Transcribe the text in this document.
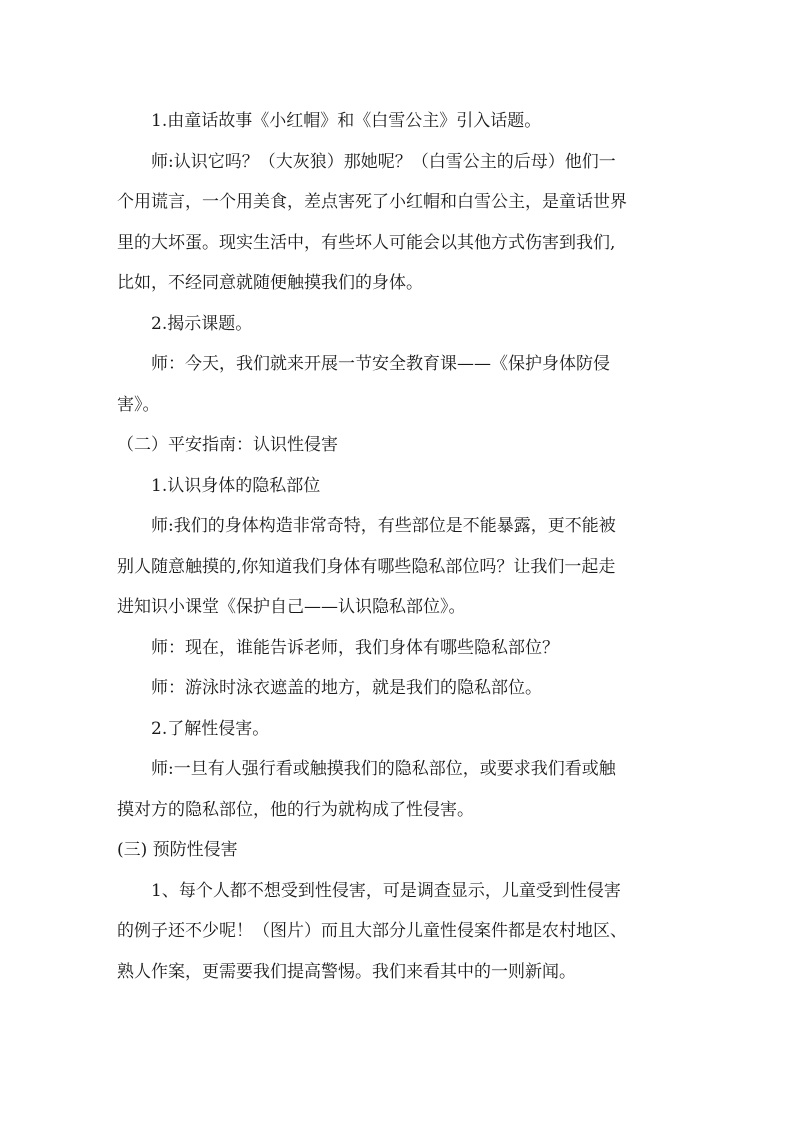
1.由童话故事《小红帽》和《白雪公主》引入话题。
师:认识它吗？（大灰狼）那她呢？（白雪公主的后母）他们一
个用谎言，一个用美食，差点害死了小红帽和白雪公主，是童话世界
里的大坏蛋。现实生活中，有些坏人可能会以其他方式伤害到我们,
比如，不经同意就随便触摸我们的身体。
2.揭示课题。
师：今天，我们就来开展一节安全教育课——《保护身体防侵
害》。
（二）平安指南：认识性侵害
1.认识身体的隐私部位
师:我们的身体构造非常奇特，有些部位是不能暴露，更不能被
别人随意触摸的,你知道我们身体有哪些隐私部位吗？让我们一起走
进知识小课堂《保护自己——认识隐私部位》。
师：现在，谁能告诉老师，我们身体有哪些隐私部位？
师：游泳时泳衣遮盖的地方，就是我们的隐私部位。
2.了解性侵害。
师:一旦有人强行看或触摸我们的隐私部位，或要求我们看或触
摸对方的隐私部位，他的行为就构成了性侵害。
(三) 预防性侵害
1、每个人都不想受到性侵害，可是调查显示，儿童受到性侵害
的例子还不少呢！（图片）而且大部分儿童性侵案件都是农村地区、
熟人作案，更需要我们提高警惕。我们来看其中的一则新闻。
